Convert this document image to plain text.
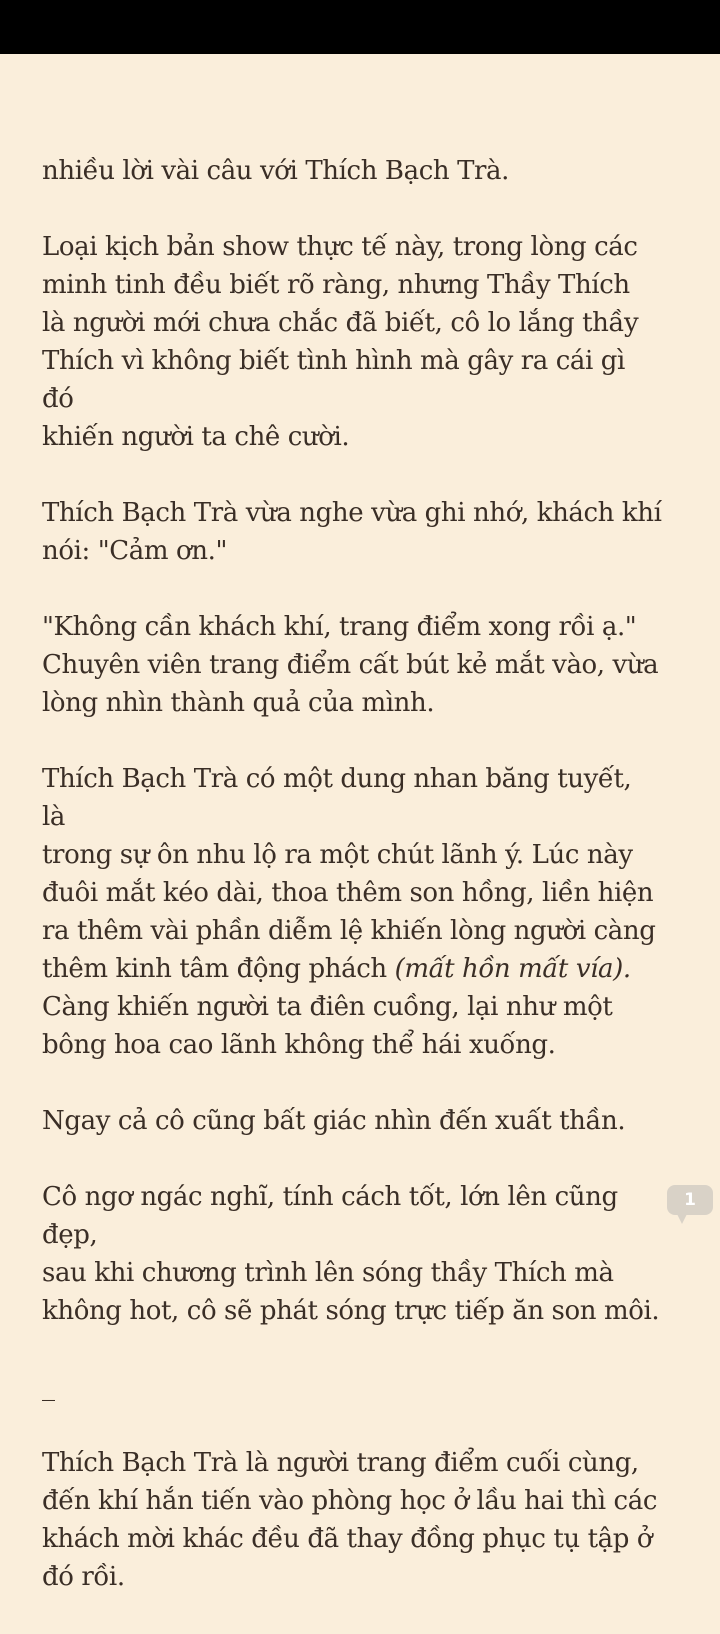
nhiều lời vài câu với Thích Bạch Trà.

Loại kịch bản show thực tế này, trong lòng các
minh tinh đều biết rõ ràng, nhưng Thầy Thích
là người mới chưa chắc đã biết, cô lo lắng thầy
Thích vì không biết tình hình mà gây ra cái gì đó
khiến người ta chê cười.

Thích Bạch Trà vừa nghe vừa ghi nhớ, khách khí
nói: "Cảm ơn."

"Không cần khách khí, trang điểm xong rồi ạ."
Chuyên viên trang điểm cất bút kẻ mắt vào, vừa
lòng nhìn thành quả của mình.

Thích Bạch Trà có một dung nhan băng tuyết, là
trong sự ôn nhu lộ ra một chút lãnh ý. Lúc này
đuôi mắt kéo dài, thoa thêm son hồng, liền hiện
ra thêm vài phần diễm lệ khiến lòng người càng
thêm kinh tâm động phách (mất hồn mất vía).
Càng khiến người ta điên cuồng, lại như một
bông hoa cao lãnh không thể hái xuống.

Ngay cả cô cũng bất giác nhìn đến xuất thần.

Cô ngơ ngác nghĩ, tính cách tốt, lớn lên cũng đẹp,
sau khi chương trình lên sóng thầy Thích mà
không hot, cô sẽ phát sóng trực tiếp ăn son môi.

_

Thích Bạch Trà là người trang điểm cuối cùng,
đến khí hắn tiến vào phòng học ở lầu hai thì các
khách mời khác đều đã thay đồng phục tụ tập ở
đó rồi.

1
